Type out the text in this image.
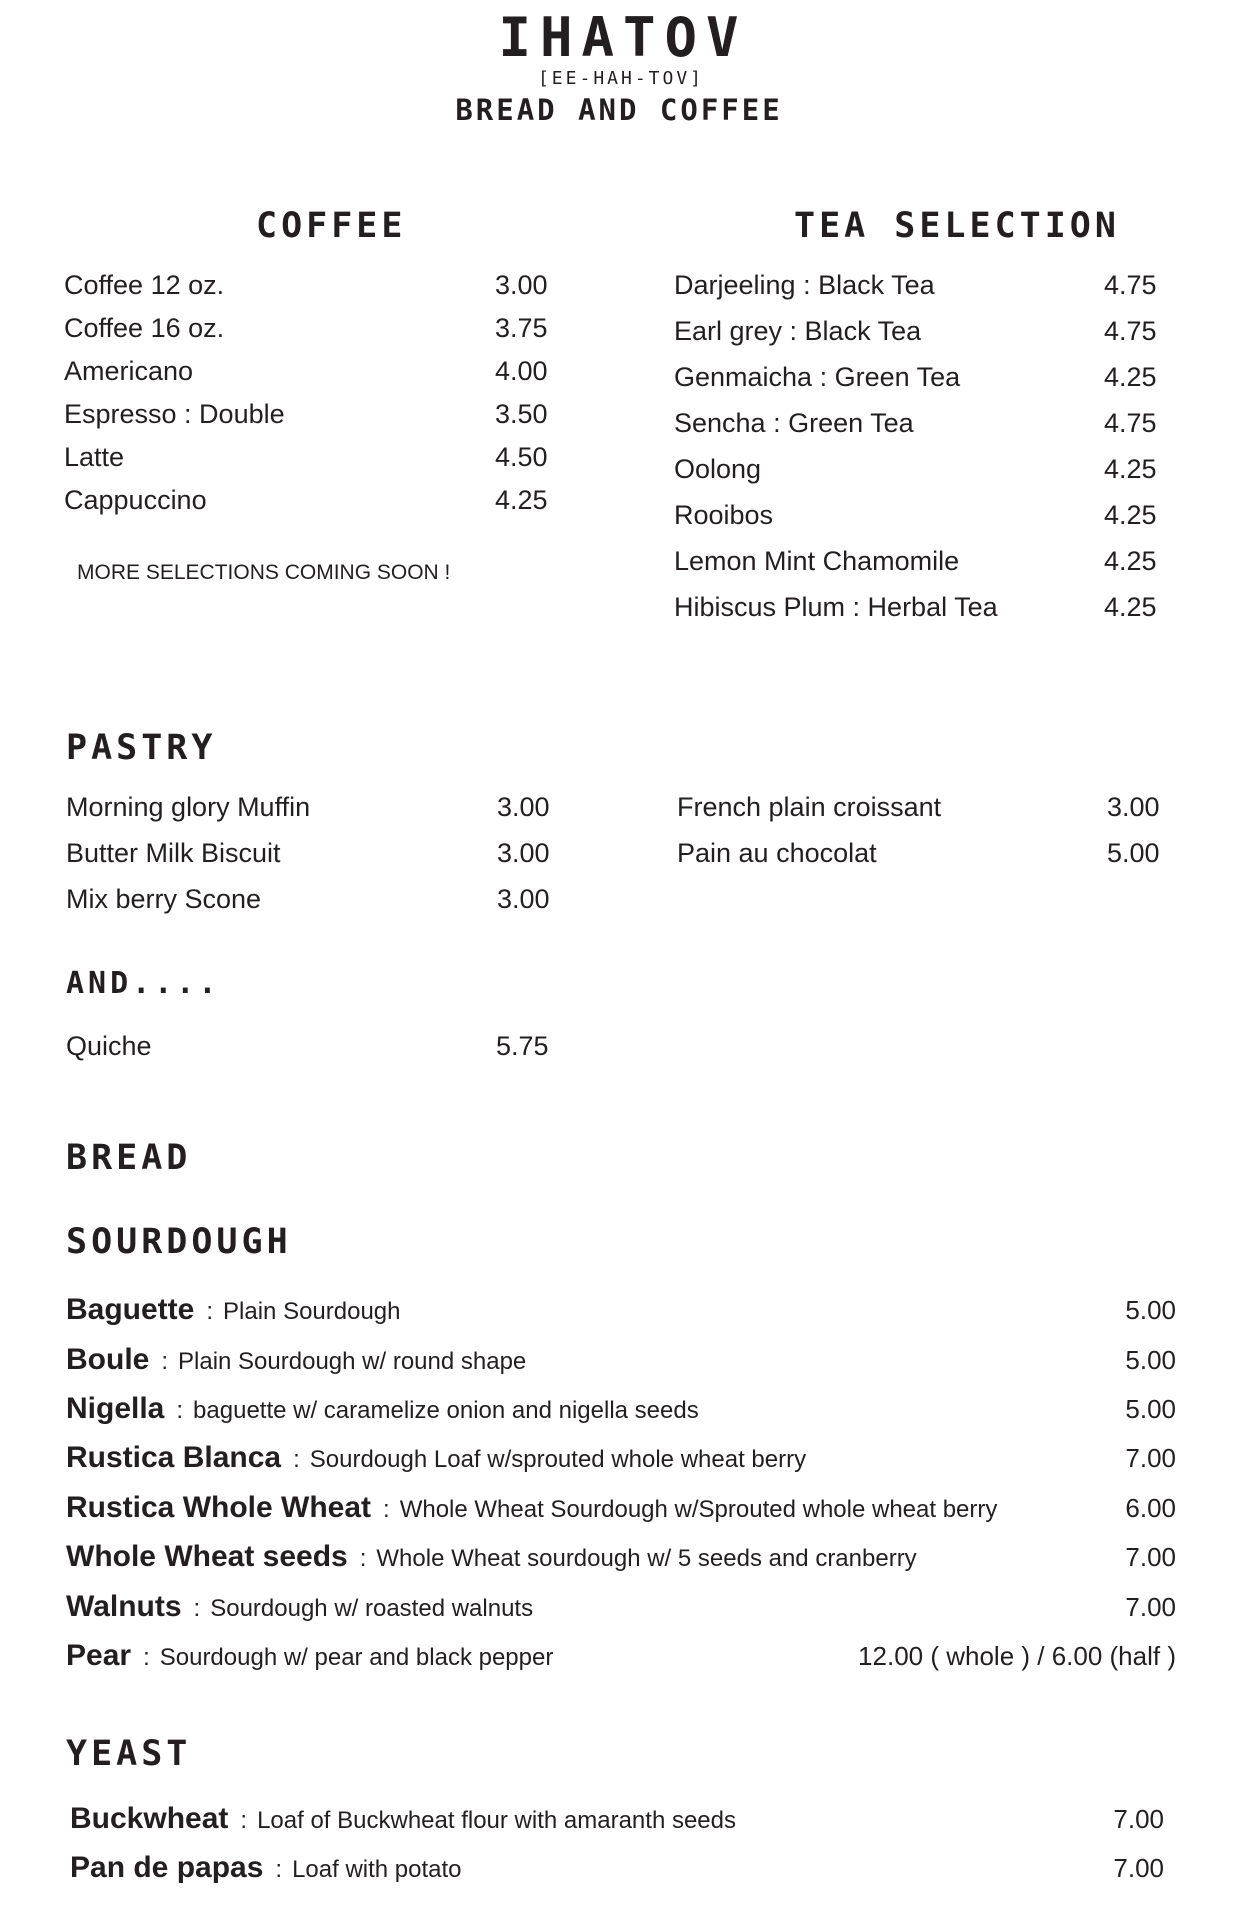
IHATOV
[EE-HAH-TOV]
BREAD AND COFFEE
COFFEE
Coffee 12 oz.	3.00
Coffee 16 oz.	3.75
Americano	4.00
Espresso : Double	3.50
Latte	4.50
Cappuccino	4.25
MORE SELECTIONS COMING SOON !
TEA SELECTION
Darjeeling : Black Tea	4.75
Earl grey : Black Tea	4.75
Genmaicha : Green Tea	4.25
Sencha : Green Tea	4.75
Oolong	4.25
Rooibos	4.25
Lemon Mint Chamomile	4.25
Hibiscus Plum : Herbal Tea	4.25
PASTRY
Morning glory Muffin	3.00
Butter Milk Biscuit	3.00
Mix berry Scone	3.00
French plain croissant	3.00
Pain au chocolat	5.00
AND....
Quiche	5.75
BREAD
SOURDOUGH
Baguette : Plain Sourdough	5.00
Boule : Plain Sourdough w/ round shape	5.00
Nigella : baguette w/ caramelize onion and nigella seeds	5.00
Rustica Blanca : Sourdough Loaf w/sprouted whole wheat berry	7.00
Rustica Whole Wheat : Whole Wheat Sourdough w/Sprouted whole wheat berry	6.00
Whole Wheat seeds : Whole Wheat sourdough w/ 5 seeds and cranberry	7.00
Walnuts : Sourdough w/ roasted walnuts	7.00
Pear : Sourdough w/ pear and black pepper	12.00 ( whole ) / 6.00 (half )
YEAST
Buckwheat : Loaf of Buckwheat flour with amaranth seeds	7.00
Pan de papas : Loaf with potato	7.00
